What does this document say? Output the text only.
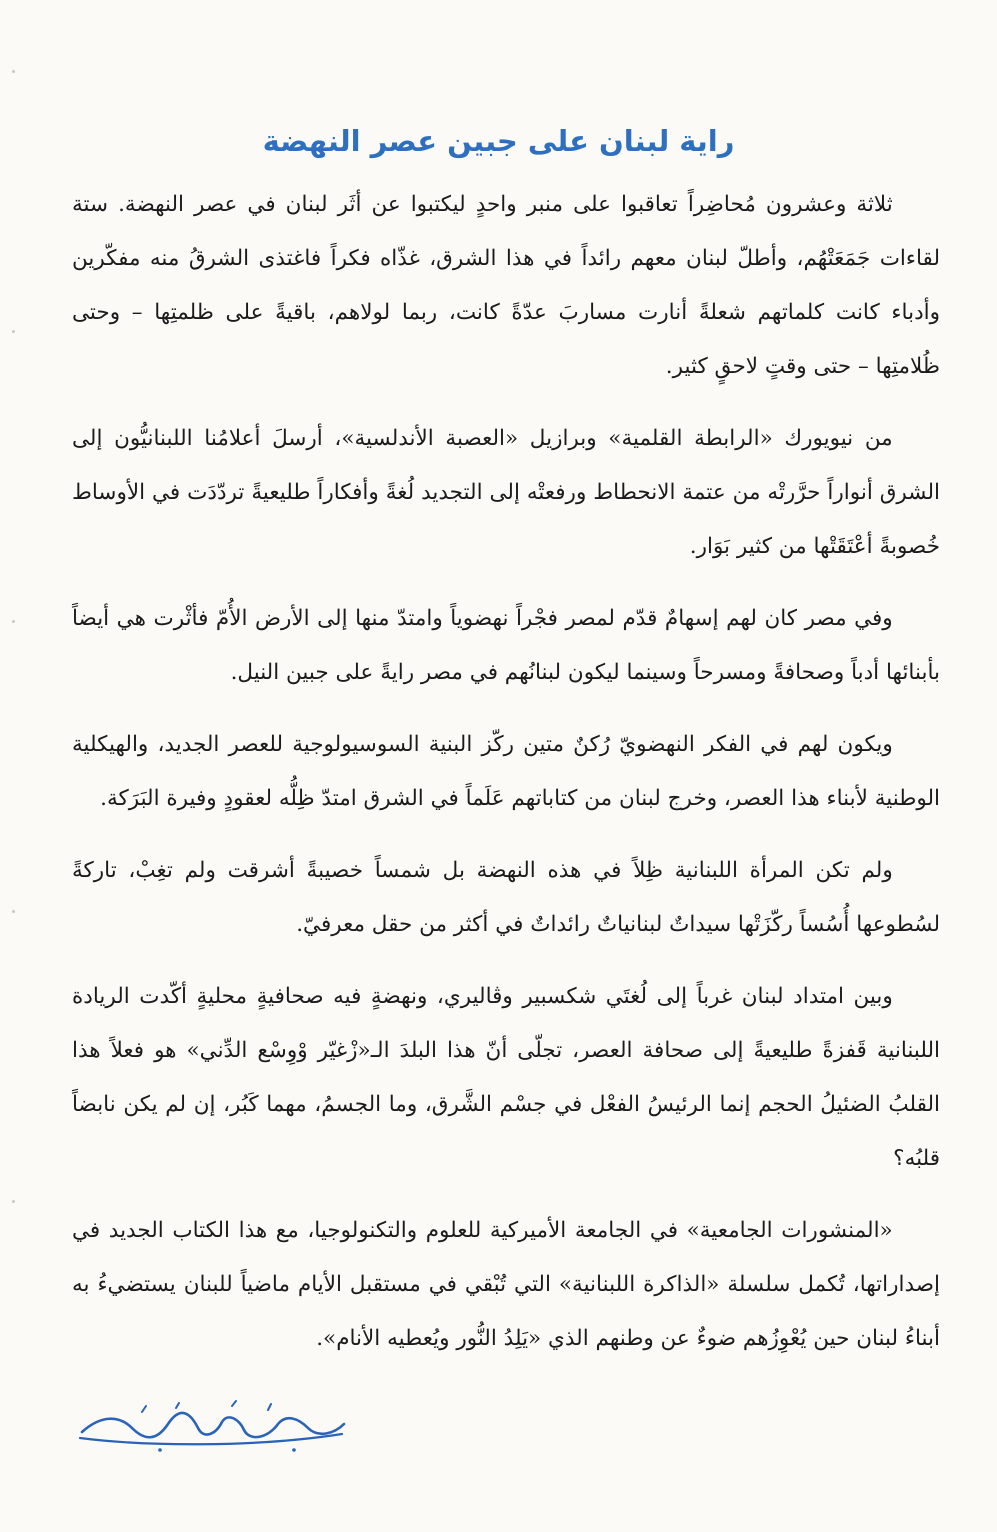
راية لبنان على جبين عصر النهضة

ثلاثة وعشرون مُحاضِراً تعاقبوا على منبر واحدٍ ليكتبوا عن أثَر لبنان في عصر النهضة. ستة لقاءات جَمَعَتْهُم، وأطلّ لبنان معهم رائداً في هذا الشرق، غذّاه فكراً فاغتذى الشرقُ منه مفكّرين وأدباء كانت كلماتهم شعلةً أنارت مساربَ عدّةً كانت، ربما لولاهم، باقيةً على ظلمتِها – وحتى ظُلامتِها – حتى وقتٍ لاحقٍ كثير.

من نيويورك «الرابطة القلمية» وبرازيل «العصبة الأندلسية»، أرسلَ أعلامُنا اللبنانيُّون إلى الشرق أنواراً حرَّرتْه من عتمة الانحطاط ورفعتْه إلى التجديد لُغةً وأفكاراً طليعيةً تردّدَت في الأوساط خُصوبةً أعْتَقَتْها من كثير بَوَار.

وفي مصر كان لهم إسهامٌ قدّم لمصر فجْراً نهضوياً وامتدّ منها إلى الأرض الأُمّ فأثْرت هي أيضاً بأبنائها أدباً وصحافةً ومسرحاً وسينما ليكون لبنانُهم في مصر رايةً على جبين النيل.

ويكون لهم في الفكر النهضويّ رُكنٌ متين ركّز البنية السوسيولوجية للعصر الجديد، والهيكلية الوطنية لأبناء هذا العصر، وخرج لبنان من كتاباتهم عَلَماً في الشرق امتدّ ظِلُّه لعقودٍ وفيرة البَرَكة.

ولم تكن المرأة اللبنانية ظِلاً في هذه النهضة بل شمساً خصيبةً أشرقت ولم تغِبْ، تاركةً لسُطوعها أُسُساً ركّزَتْها سيداتٌ لبنانياتٌ رائداتٌ في أكثر من حقل معرفيّ.

وبين امتداد لبنان غرباً إلى لُغتَي شكسبير وڤاليري، ونهضةٍ فيه صحافيةٍ محليةٍ أكّدت الريادة اللبنانية قَفزةً طليعيةً إلى صحافة العصر، تجلّى أنّ هذا البلدَ الـ«زْغيّر وْوِسْع الدِّني» هو فعلاً هذا القلبُ الضئيلُ الحجم إنما الرئيسُ الفعْل في جسْم الشَّرق، وما الجسمُ، مهما كَبُر، إن لم يكن نابضاً قلبُه؟

«المنشورات الجامعية» في الجامعة الأميركية للعلوم والتكنولوجيا، مع هذا الكتاب الجديد في إصداراتها، تُكمل سلسلة «الذاكرة اللبنانية» التي تُبْقي في مستقبل الأيام ماضياً للبنان يستضيءُ به أبناءُ لبنان حين يُعْوِزُهم ضوءٌ عن وطنهم الذي «يَلِدُ النُّور ويُعطيه الأنام».
